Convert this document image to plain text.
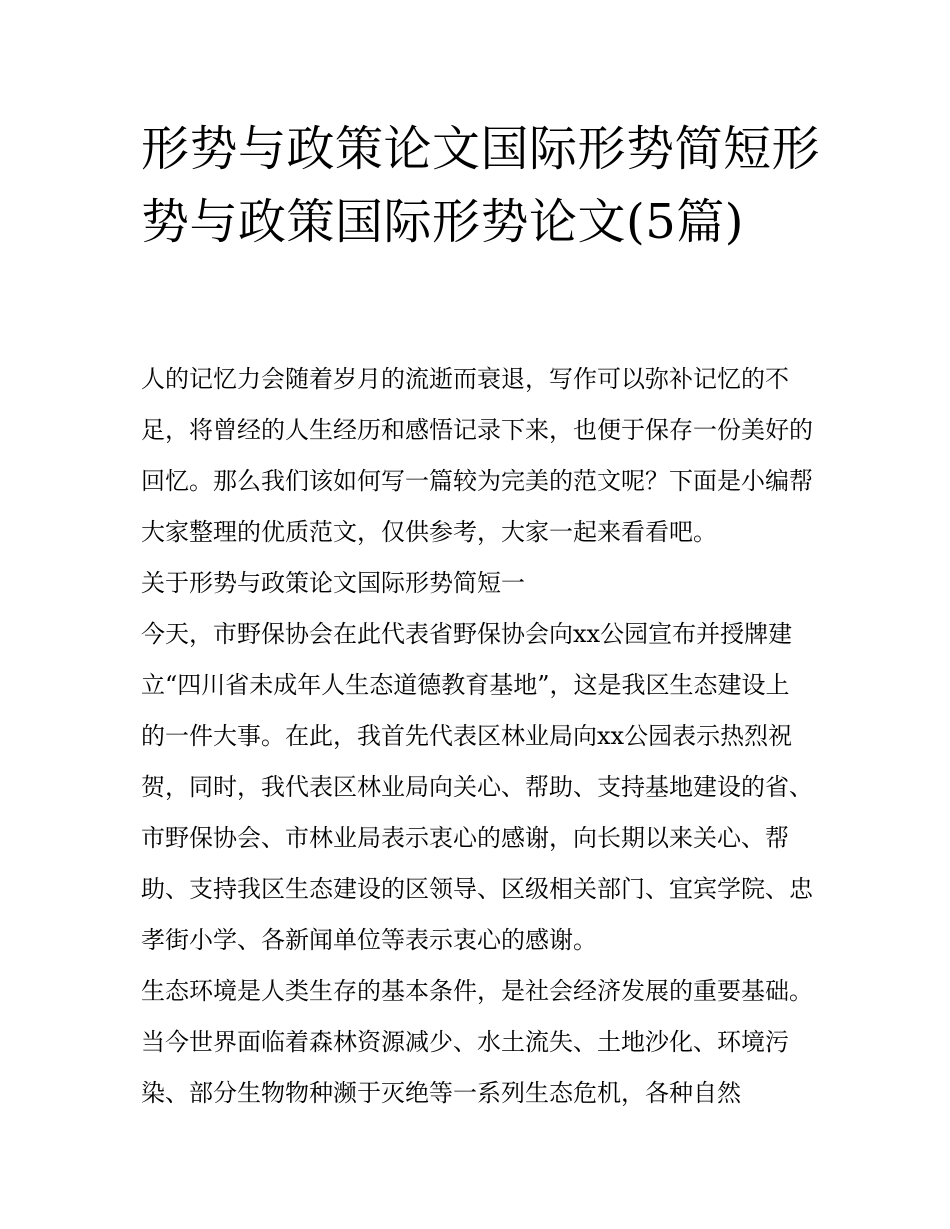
形势与政策论文国际形势简短形势与政策国际形势论文(5篇)

人的记忆力会随着岁月的流逝而衰退，写作可以弥补记忆的不足，将曾经的人生经历和感悟记录下来，也便于保存一份美好的回忆。那么我们该如何写一篇较为完美的范文呢？下面是小编帮大家整理的优质范文，仅供参考，大家一起来看看吧。

关于形势与政策论文国际形势简短一

今天，市野保协会在此代表省野保协会向xx公园宣布并授牌建立“四川省未成年人生态道德教育基地”，这是我区生态建设上的一件大事。在此，我首先代表区林业局向xx公园表示热烈祝贺，同时，我代表区林业局向关心、帮助、支持基地建设的省、市野保协会、市林业局表示衷心的感谢，向长期以来关心、帮助、支持我区生态建设的区领导、区级相关部门、宜宾学院、忠孝街小学、各新闻单位等表示衷心的感谢。

生态环境是人类生存的基本条件，是社会经济发展的重要基础。当今世界面临着森林资源减少、水土流失、土地沙化、环境污染、部分生物物种濒于灭绝等一系列生态危机，各种自然
